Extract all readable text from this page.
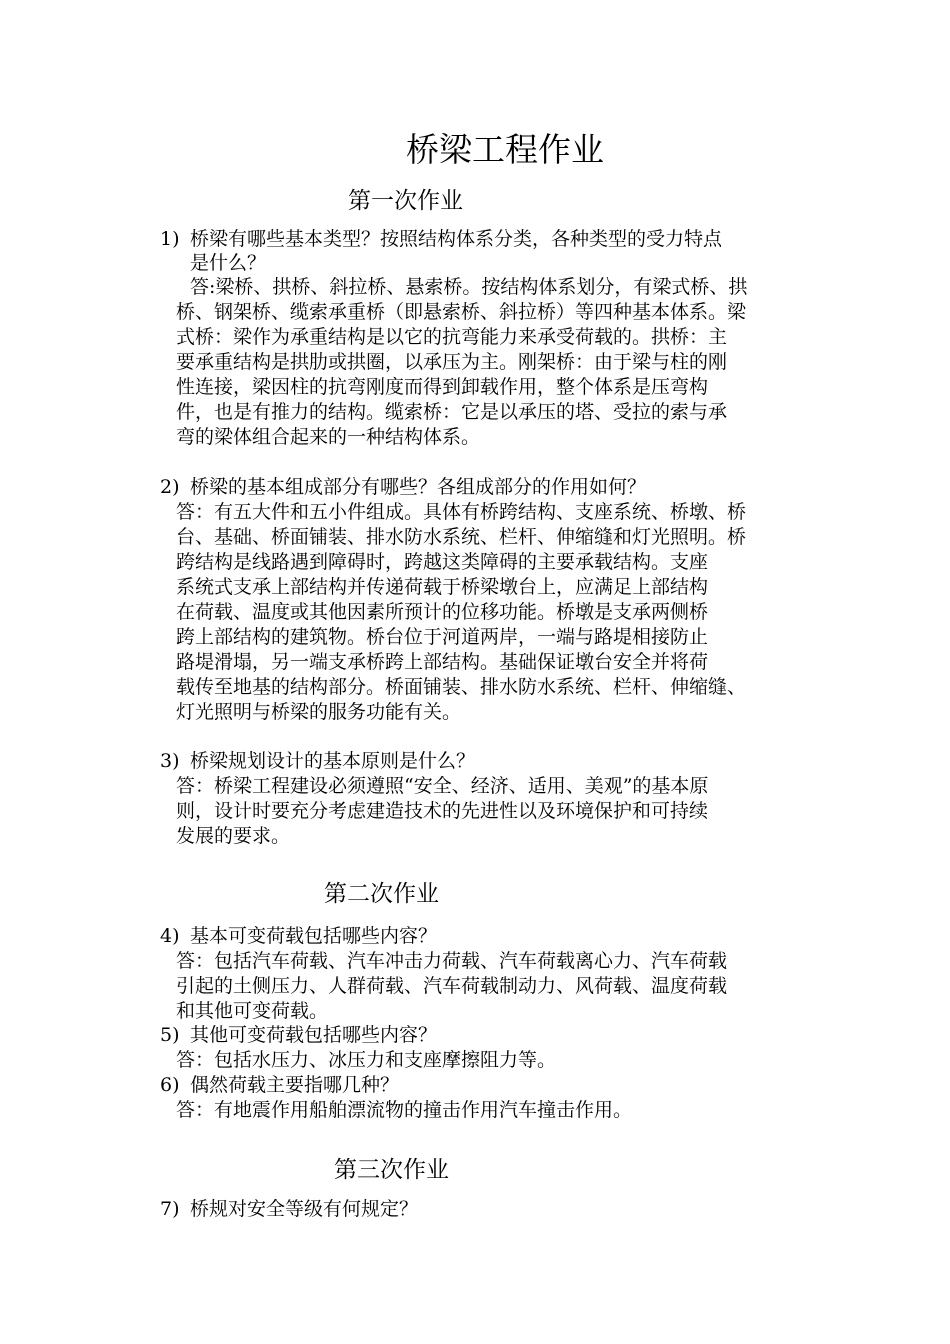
桥梁工程作业
第一次作业
1) 桥梁有哪些基本类型？按照结构体系分类，各种类型的受力特点
是什么？
答:梁桥、拱桥、斜拉桥、悬索桥。按结构体系划分，有梁式桥、拱
桥、钢架桥、缆索承重桥（即悬索桥、斜拉桥）等四种基本体系。梁
式桥：梁作为承重结构是以它的抗弯能力来承受荷载的。拱桥：主
要承重结构是拱肋或拱圈，以承压为主。刚架桥：由于梁与柱的刚
性连接，梁因柱的抗弯刚度而得到卸载作用，整个体系是压弯构
件，也是有推力的结构。缆索桥：它是以承压的塔、受拉的索与承
弯的梁体组合起来的一种结构体系。
2) 桥梁的基本组成部分有哪些？各组成部分的作用如何？
答：有五大件和五小件组成。具体有桥跨结构、支座系统、桥墩、桥
台、基础、桥面铺装、排水防水系统、栏杆、伸缩缝和灯光照明。桥
跨结构是线路遇到障碍时，跨越这类障碍的主要承载结构。支座
系统式支承上部结构并传递荷载于桥梁墩台上，应满足上部结构
在荷载、温度或其他因素所预计的位移功能。桥墩是支承两侧桥
跨上部结构的建筑物。桥台位于河道两岸，一端与路堤相接防止
路堤滑塌，另一端支承桥跨上部结构。基础保证墩台安全并将荷
载传至地基的结构部分。桥面铺装、排水防水系统、栏杆、伸缩缝、
灯光照明与桥梁的服务功能有关。
3) 桥梁规划设计的基本原则是什么？
答：桥梁工程建设必须遵照“安全、经济、适用、美观”的基本原
则，设计时要充分考虑建造技术的先进性以及环境保护和可持续
发展的要求。
第二次作业
4) 基本可变荷载包括哪些内容？
答：包括汽车荷载、汽车冲击力荷载、汽车荷载离心力、汽车荷载
引起的土侧压力、人群荷载、汽车荷载制动力、风荷载、温度荷载
和其他可变荷载。
5) 其他可变荷载包括哪些内容？
答：包括水压力、冰压力和支座摩擦阻力等。
6) 偶然荷载主要指哪几种？
答：有地震作用船舶漂流物的撞击作用汽车撞击作用。
第三次作业
7) 桥规对安全等级有何规定？
